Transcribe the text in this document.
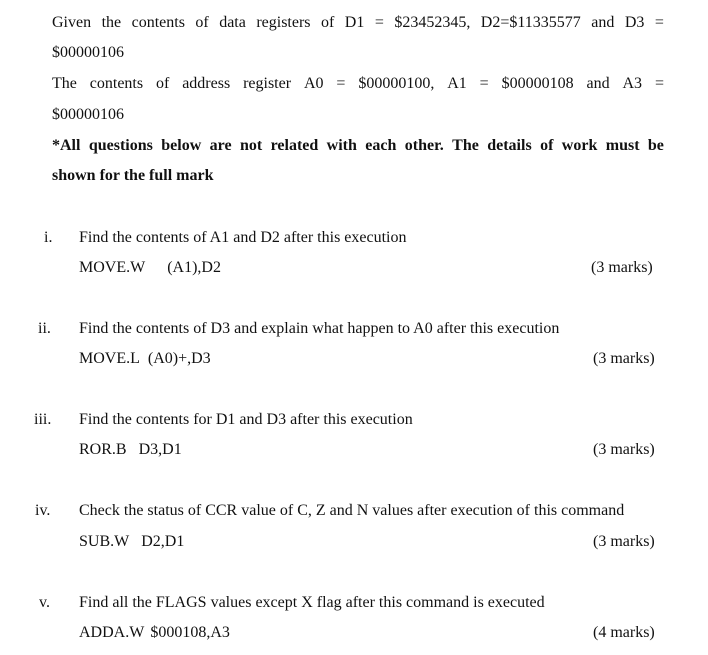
Given the contents of data registers of D1 = $23452345, D2=$11335577 and D3 =
$00000106
The contents of address register A0 = $00000100, A1 = $00000108 and A3 =
$00000106
*All questions below are not related with each other. The details of work must be
shown for the full mark
i. Find the contents of A1 and D2 after this execution
MOVE.W (A1),D2	(3 marks)
ii. Find the contents of D3 and explain what happen to A0 after this execution
MOVE.L (A0)+,D3	(3 marks)
iii. Find the contents for D1 and D3 after this execution
ROR.B D3,D1	(3 marks)
iv. Check the status of CCR value of C, Z and N values after execution of this command
SUB.W D2,D1	(3 marks)
v. Find all the FLAGS values except X flag after this command is executed
ADDA.W $000108,A3	(4 marks)
